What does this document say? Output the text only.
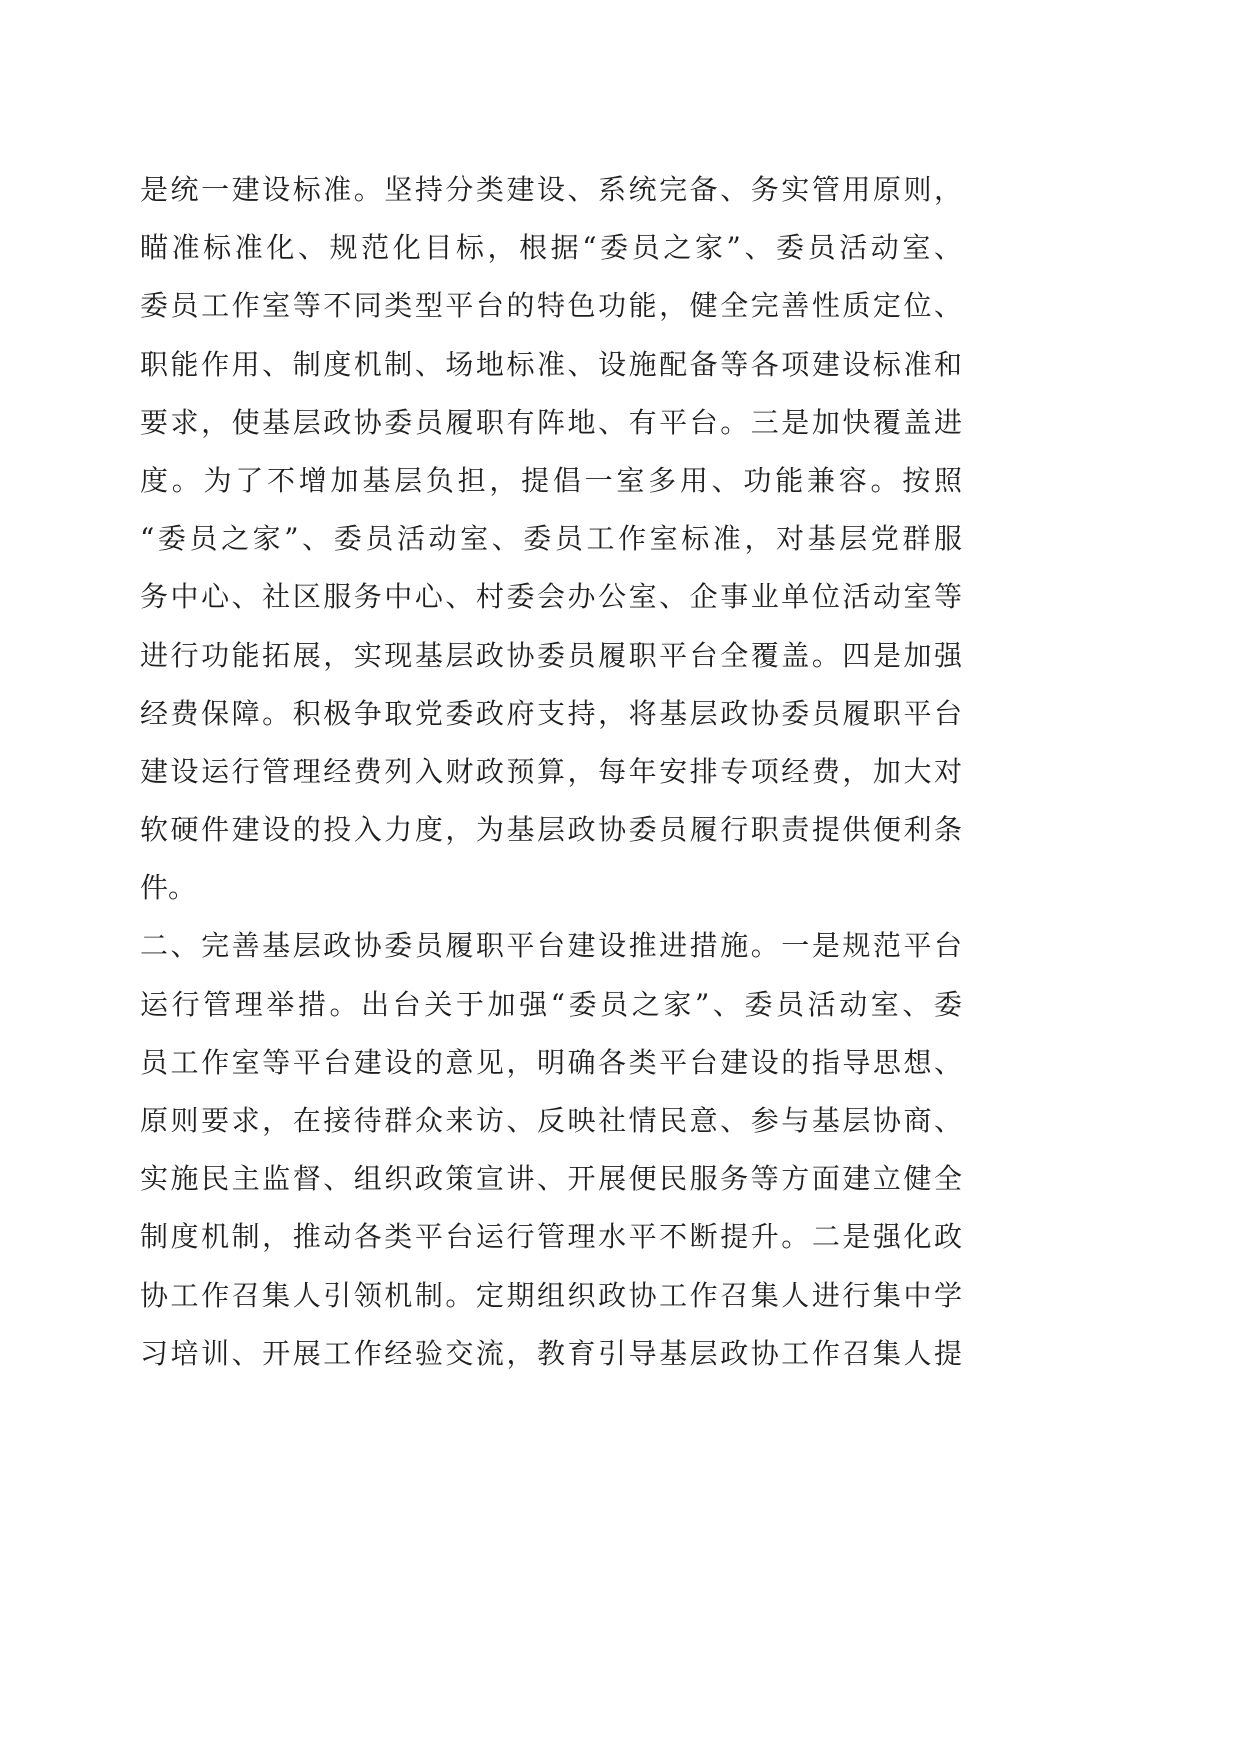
是统一建设标准。坚持分类建设、系统完备、务实管用原则，
瞄准标准化、规范化目标，根据“委员之家”、委员活动室、
委员工作室等不同类型平台的特色功能，健全完善性质定位、
职能作用、制度机制、场地标准、设施配备等各项建设标准和
要求，使基层政协委员履职有阵地、有平台。三是加快覆盖进
度。为了不增加基层负担，提倡一室多用、功能兼容。按照
“委员之家”、委员活动室、委员工作室标准，对基层党群服
务中心、社区服务中心、村委会办公室、企事业单位活动室等
进行功能拓展，实现基层政协委员履职平台全覆盖。四是加强
经费保障。积极争取党委政府支持，将基层政协委员履职平台
建设运行管理经费列入财政预算，每年安排专项经费，加大对
软硬件建设的投入力度，为基层政协委员履行职责提供便利条
件。
二、完善基层政协委员履职平台建设推进措施。一是规范平台
运行管理举措。出台关于加强“委员之家”、委员活动室、委
员工作室等平台建设的意见，明确各类平台建设的指导思想、
原则要求，在接待群众来访、反映社情民意、参与基层协商、
实施民主监督、组织政策宣讲、开展便民服务等方面建立健全
制度机制，推动各类平台运行管理水平不断提升。二是强化政
协工作召集人引领机制。定期组织政协工作召集人进行集中学
习培训、开展工作经验交流，教育引导基层政协工作召集人提
